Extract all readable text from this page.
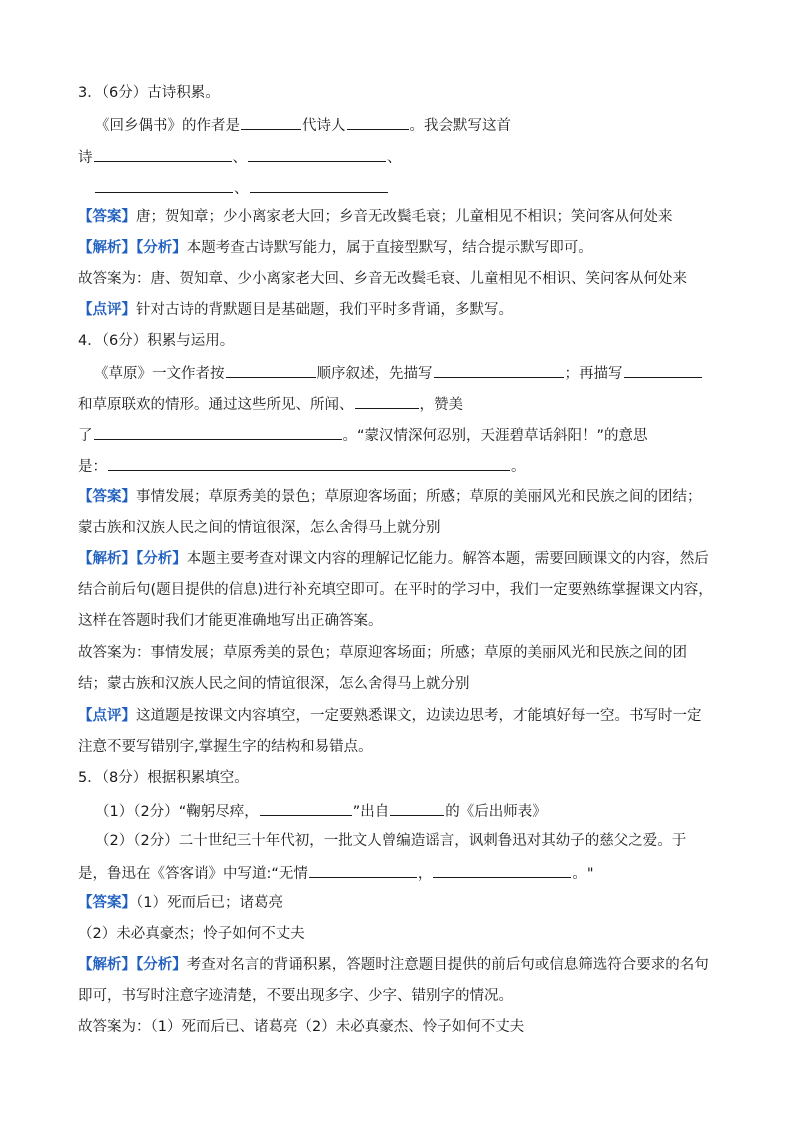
3．（6分）古诗积累。
《回乡偶书》的作者是	代诗人	。我会默写这首
诗	、	、
、
【答案】唐；贺知章；少小离家老大回；乡音无改鬓毛衰；儿童相见不相识；笑问客从何处来
【解析】【分析】本题考查古诗默写能力，属于直接型默写，结合提示默写即可。
故答案为：唐、贺知章、少小离家老大回、乡音无改鬓毛衰、儿童相见不相识、笑问客从何处来
【点评】针对古诗的背默题目是基础题，我们平时多背诵，多默写。
4．（6分）积累与运用。
《草原》一文作者按	顺序叙述，先描写	；再描写
和草原联欢的情形。通过这些所见、所闻、	，赞美
了	。“蒙汉情深何忍别，天涯碧草话斜阳！”的意思
是：	。
【答案】事情发展；草原秀美的景色；草原迎客场面；所感；草原的美丽风光和民族之间的团结；
蒙古族和汉族人民之间的情谊很深，怎么舍得马上就分别
【解析】【分析】本题主要考查对课文内容的理解记忆能力。解答本题，需要回顾课文的内容，然后
结合前后句(题目提供的信息)进行补充填空即可。在平时的学习中，我们一定要熟练掌握课文内容，
这样在答题时我们才能更准确地写出正确答案。
故答案为：事情发展；草原秀美的景色；草原迎客场面；所感；草原的美丽风光和民族之间的团
结；蒙古族和汉族人民之间的情谊很深，怎么舍得马上就分别
【点评】这道题是按课文内容填空，一定要熟悉课文，边读边思考，才能填好每一空。书写时一定
注意不要写错别字,掌握生字的结构和易错点。
5．（8分）根据积累填空。
（1）（2分）“鞠躬尽瘁，	”出自	的《后出师表》
（2）（2分）二十世纪三十年代初，一批文人曾编造谣言，讽刺鲁迅对其幼子的慈父之爱。于
是，鲁迅在《答客诮》中写道:“无情	，	。"
【答案】（1）死而后已；诸葛亮
（2）未必真豪杰；怜子如何不丈夫
【解析】【分析】考查对名言的背诵积累，答题时注意题目提供的前后句或信息筛选符合要求的名句
即可，书写时注意字迹清楚，不要出现多字、少字、错别字的情况。
故答案为：（1）死而后已、诸葛亮（2）未必真豪杰、怜子如何不丈夫
